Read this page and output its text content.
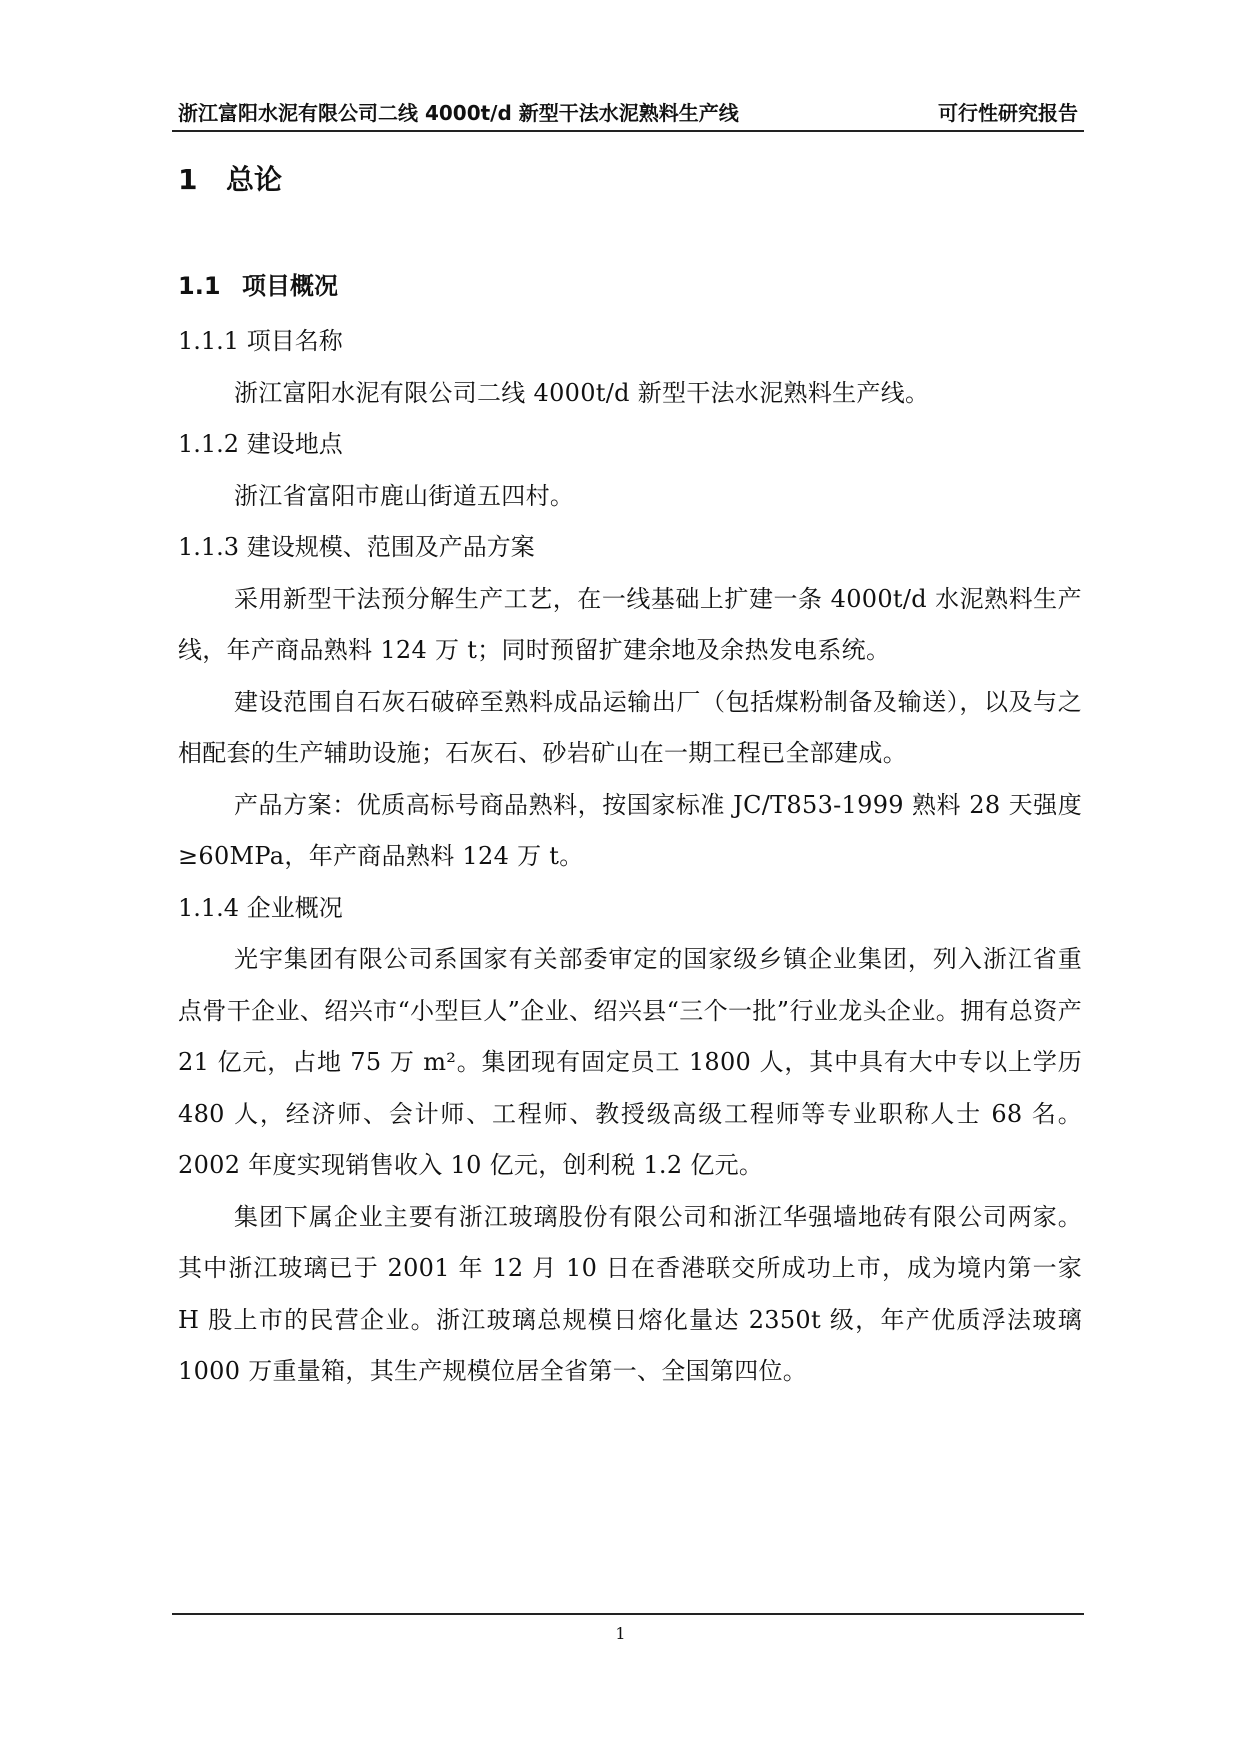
浙江富阳水泥有限公司二线 4000t/d 新型干法水泥熟料生产线	可行性研究报告
1 总论
1.1 项目概况

1.1.1 项目名称

浙江富阳水泥有限公司二线 4000t/d 新型干法水泥熟料生产线。

1.1.2 建设地点

浙江省富阳市鹿山街道五四村。

1.1.3 建设规模、范围及产品方案

采用新型干法预分解生产工艺，在一线基础上扩建一条 4000t/d 水泥熟料生产线，年产商品熟料 124 万 t；同时预留扩建余地及余热发电系统。

建设范围自石灰石破碎至熟料成品运输出厂（包括煤粉制备及输送），以及与之相配套的生产辅助设施；石灰石、砂岩矿山在一期工程已全部建成。

产品方案：优质高标号商品熟料，按国家标准 JC/T853-1999 熟料 28 天强度≥60MPa，年产商品熟料 124 万 t。

1.1.4 企业概况

光宇集团有限公司系国家有关部委审定的国家级乡镇企业集团，列入浙江省重点骨干企业、绍兴市“小型巨人”企业、绍兴县“三个一批”行业龙头企业。拥有总资产 21 亿元，占地 75 万 m²。集团现有固定员工 1800 人，其中具有大中专以上学历 480 人，经济师、会计师、工程师、教授级高级工程师等专业职称人士 68 名。2002 年度实现销售收入 10 亿元，创利税 1.2 亿元。

集团下属企业主要有浙江玻璃股份有限公司和浙江华强墙地砖有限公司两家。其中浙江玻璃已于 2001 年 12 月 10 日在香港联交所成功上市，成为境内第一家 H 股上市的民营企业。浙江玻璃总规模日熔化量达 2350t 级，年产优质浮法玻璃 1000 万重量箱，其生产规模位居全省第一、全国第四位。

1
